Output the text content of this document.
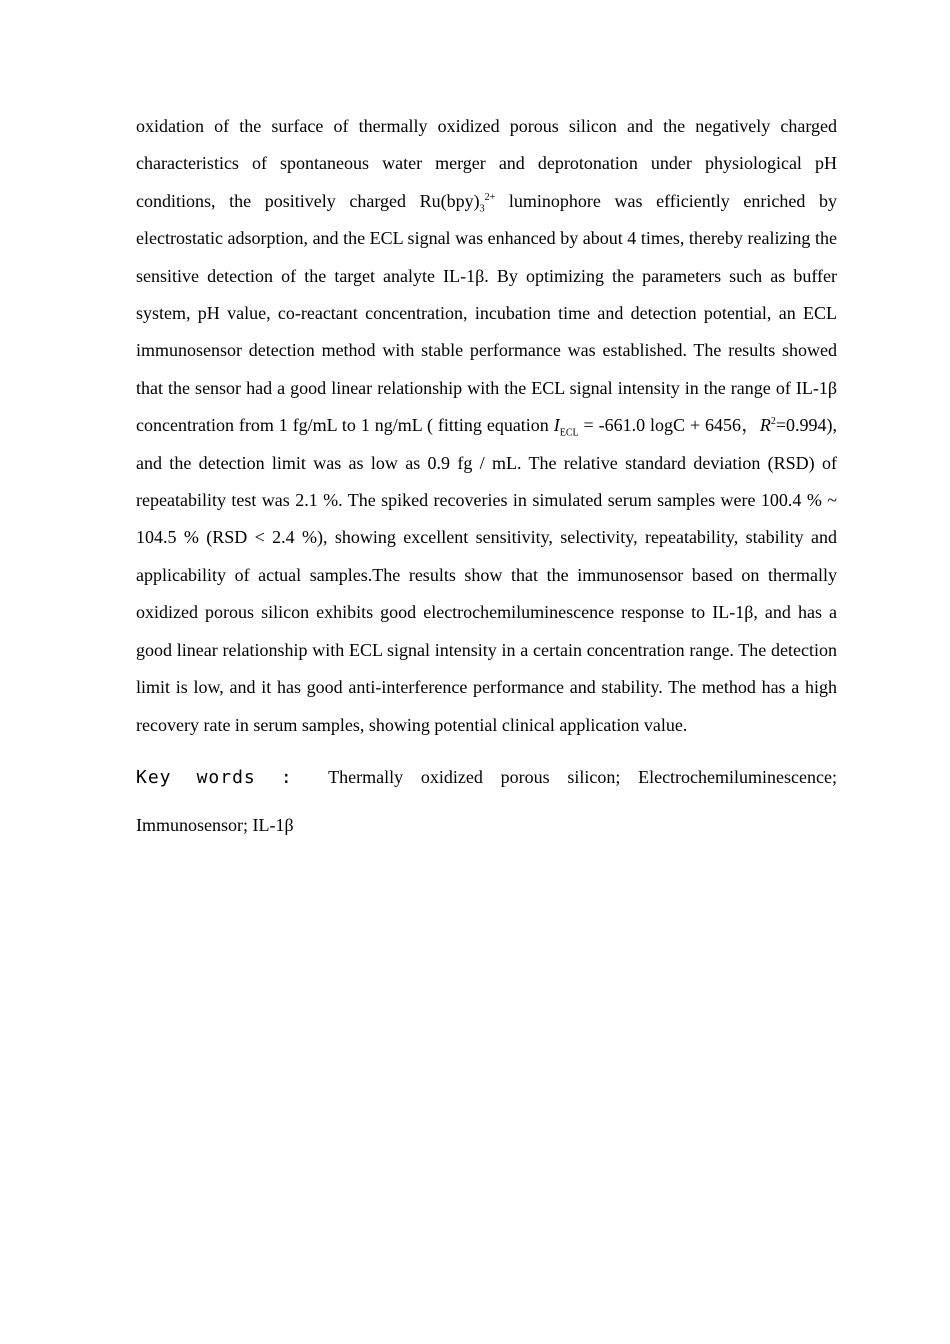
oxidation of the surface of thermally oxidized porous silicon and the negatively charged characteristics of spontaneous water merger and deprotonation under physiological pH conditions, the positively charged $Ru(bpy)_3^{2+}$ luminophore was efficiently enriched by electrostatic adsorption, and the ECL signal was enhanced by about 4 times, thereby realizing the sensitive detection of the target analyte IL-1β. By optimizing the parameters such as buffer system, pH value, co-reactant concentration, incubation time and detection potential, an ECL immunosensor detection method with stable performance was established. The results showed that the sensor had a good linear relationship with the ECL signal intensity in the range of IL-1β concentration from 1 fg/mL to 1 ng/mL ( fitting equation $I_{ECL} = -661.0$ logC + 6456，$R^2=0.994$), and the detection limit was as low as 0.9 fg / mL. The relative standard deviation (RSD) of repeatability test was 2.1 %. The spiked recoveries in simulated serum samples were 100.4 % ~ 104.5 % (RSD < 2.4 %), showing excellent sensitivity, selectivity, repeatability, stability and applicability of actual samples.The results show that the immunosensor based on thermally oxidized porous silicon exhibits good electrochemiluminescence response to IL-1β, and has a good linear relationship with ECL signal intensity in a certain concentration range. The detection limit is low, and it has good anti-interference performance and stability. The method has a high recovery rate in serum samples, showing potential clinical application value.

Key words : Thermally oxidized porous silicon; Electrochemiluminescence;
Immunosensor; IL-1β
